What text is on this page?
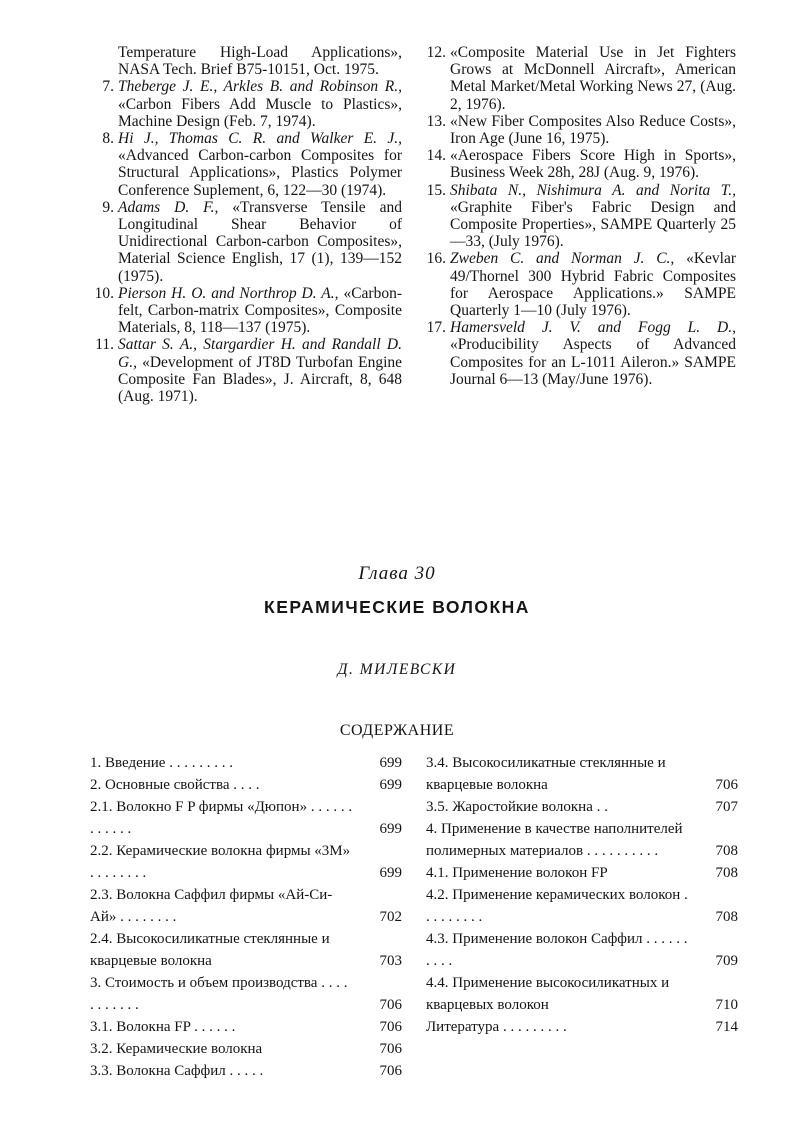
Temperature High-Load Applications», NASA Tech. Brief B75-10151, Oct. 1975.

7. Theberge J. E., Arkles B. and Robinson R., «Carbon Fibers Add Muscle to Plastics», Machine Design (Feb. 7, 1974).

8. Hi J., Thomas C. R. and Walker E. J., «Advanced Carbon-carbon Composites for Structural Applications», Plastics Polymer Conference Suplement, 6, 122—30 (1974).

9. Adams D. F., «Transverse Tensile and Longitudinal Shear Behavior of Unidirectional Carbon-carbon Composites», Material Science English, 17 (1), 139—152 (1975).

10. Pierson H. O. and Northrop D. A., «Carbon-felt, Carbon-matrix Composites», Composite Materials, 8, 118—137 (1975).

11. Sattar S. A., Stargardier H. and Randall D. G., «Development of JT8D Turbofan Engine Composite Fan Blades», J. Aircraft, 8, 648 (Aug. 1971).

12. «Composite Material Use in Jet Fighters Grows at McDonnell Aircraft», American Metal Market/Metal Working News 27, (Aug. 2, 1976).

13. «New Fiber Composites Also Reduce Costs», Iron Age (June 16, 1975).

14. «Aerospace Fibers Score High in Sports», Business Week 28h, 28J (Aug. 9, 1976).

15. Shibata N., Nishimura A. and Norita T., «Graphite Fiber's Fabric Design and Composite Properties», SAMPE Quarterly 25—33, (July 1976).

16. Zweben C. and Norman J. C., «Kevlar 49/Thornel 300 Hybrid Fabric Composites for Aerospace Applications.» SAMPE Quarterly 1—10 (July 1976).

17. Hamersveld J. V. and Fogg L. D., «Producibility Aspects of Advanced Composites for an L-1011 Aileron.» SAMPE Journal 6—13 (May/June 1976).

Глава 30
КЕРАМИЧЕСКИЕ ВОЛОКНА
Д. МИЛЕВСКИ
СОДЕРЖАНИЕ
1. Введение . . . . . . . . .	699
2. Основные свойства . . . .	699
2.1. Волокно F P фирмы «Дюпон» . . . . . . . . . . . .	699
2.2. Керамические волокна фирмы «3М» . . . . . . . .	699
2.3. Волокна Саффил фирмы «Ай-Си-Ай» . . . . . . . .	702
2.4. Высокосиликатные стеклянные и кварцевые волокна	703
3. Стоимость и объем производства . . . . . . . . . . .	706
3.1. Волокна FP . . . . . .	706
3.2. Керамические волокна	706
3.3. Волокна Саффил . . . . .	706
3.4. Высокосиликатные стеклянные и кварцевые волокна	706
3.5. Жаростойкие волокна . .	707
4. Применение в качестве наполнителей полимерных материалов . . . . . . . . . .	708
4.1. Применение волокон FP	708
4.2. Применение керамических волокон . . . . . . . . .	708
4.3. Применение волокон Саффил . . . . . . . . . .	709
4.4. Применение высокосиликатных и кварцевых волокон	710
Литература . . . . . . . . .	714
